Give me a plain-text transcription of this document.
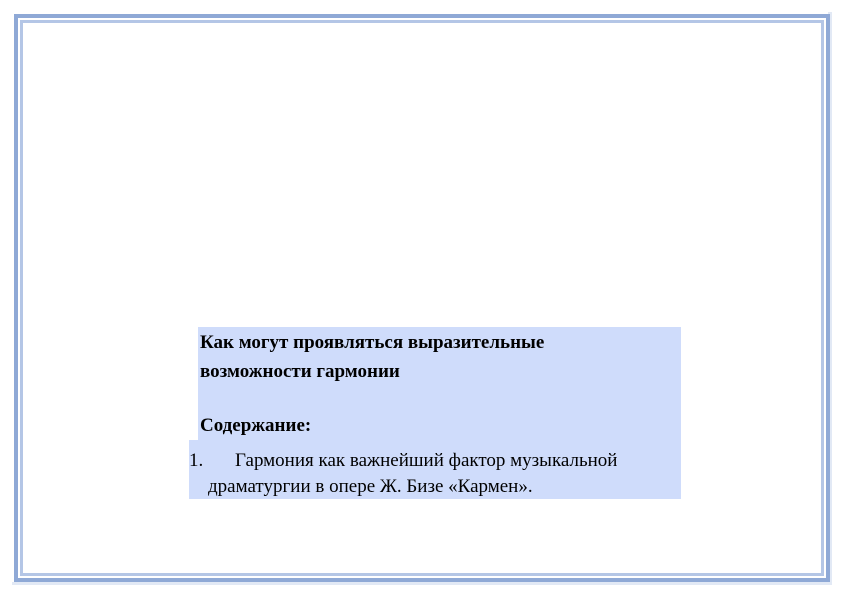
Как могут проявляться выразительные возможности гармонии
Содержание:
1. Гармония как важнейший фактор музыкальной
драматургии в опере Ж. Бизе «Кармен».
